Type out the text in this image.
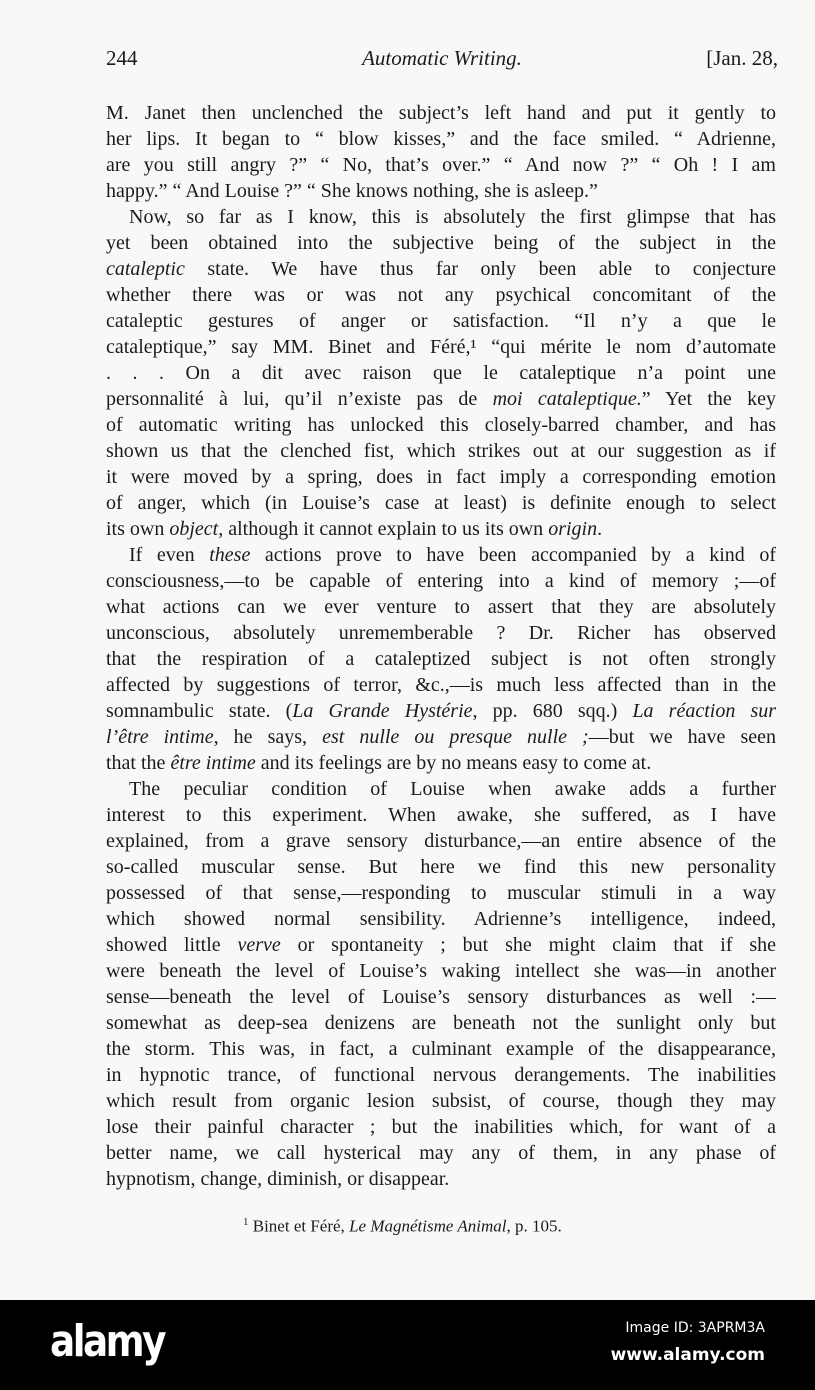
244	Automatic Writing.	[Jan. 28,
M. Janet then unclenched the subject’s left hand and put it gently to
her lips. It began to “ blow kisses,” and the face smiled. “ Adrienne,
are you still angry ?” “ No, that’s over.” “ And now ?” “ Oh ! I am
happy.” “ And Louise ?” “ She knows nothing, she is asleep.”
Now, so far as I know, this is absolutely the first glimpse that has
yet been obtained into the subjective being of the subject in the
cataleptic state. We have thus far only been able to conjecture
whether there was or was not any psychical concomitant of the
cataleptic gestures of anger or satisfaction. “Il n’y a que le
cataleptique,” say MM. Binet and Féré,¹ “qui mérite le nom d’automate
. . . On a dit avec raison que le cataleptique n’a point une
personnalité à lui, qu’il n’existe pas de moi cataleptique.” Yet the key
of automatic writing has unlocked this closely-barred chamber, and has
shown us that the clenched fist, which strikes out at our suggestion as if
it were moved by a spring, does in fact imply a corresponding emotion
of anger, which (in Louise’s case at least) is definite enough to select
its own object, although it cannot explain to us its own origin.
If even these actions prove to have been accompanied by a kind of
consciousness,—to be capable of entering into a kind of memory ;—of
what actions can we ever venture to assert that they are absolutely
unconscious, absolutely unrememberable ? Dr. Richer has observed
that the respiration of a cataleptized subject is not often strongly
affected by suggestions of terror, &c.,—is much less affected than in the
somnambulic state. (La Grande Hystérie, pp. 680 sqq.) La réaction sur
l’être intime, he says, est nulle ou presque nulle ;—but we have seen
that the être intime and its feelings are by no means easy to come at.
The peculiar condition of Louise when awake adds a further
interest to this experiment. When awake, she suffered, as I have
explained, from a grave sensory disturbance,—an entire absence of the
so-called muscular sense. But here we find this new personality
possessed of that sense,—responding to muscular stimuli in a way
which showed normal sensibility. Adrienne’s intelligence, indeed,
showed little verve or spontaneity ; but she might claim that if she
were beneath the level of Louise’s waking intellect she was—in another
sense—beneath the level of Louise’s sensory disturbances as well :—
somewhat as deep-sea denizens are beneath not the sunlight only but
the storm. This was, in fact, a culminant example of the disappearance,
in hypnotic trance, of functional nervous derangements. The inabilities
which result from organic lesion subsist, of course, though they may
lose their painful character ; but the inabilities which, for want of a
better name, we call hysterical may any of them, in any phase of
hypnotism, change, diminish, or disappear.
$^1$ Binet et Féré, Le Magnétisme Animal, p. 105.
alamy	Image ID: 3APRM3A
www.alamy.com
